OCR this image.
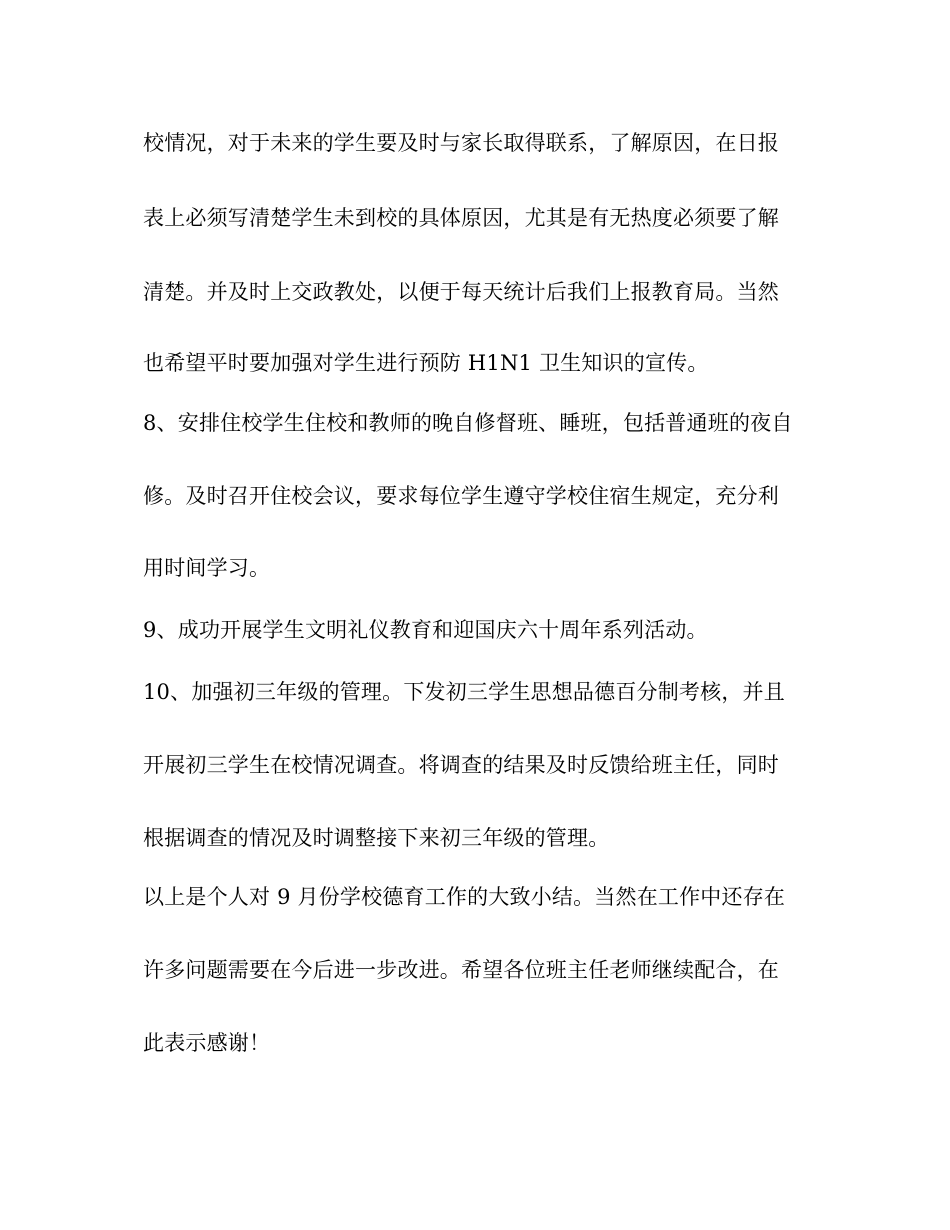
校情况，对于未来的学生要及时与家长取得联系，了解原因，在日报
表上必须写清楚学生未到校的具体原因，尤其是有无热度必须要了解
清楚。并及时上交政教处，以便于每天统计后我们上报教育局。当然
也希望平时要加强对学生进行预防 H1N1 卫生知识的宣传。
8、安排住校学生住校和教师的晚自修督班、睡班，包括普通班的夜自
修。及时召开住校会议，要求每位学生遵守学校住宿生规定，充分利
用时间学习。
9、成功开展学生文明礼仪教育和迎国庆六十周年系列活动。
10、加强初三年级的管理。下发初三学生思想品德百分制考核，并且
开展初三学生在校情况调查。将调查的结果及时反馈给班主任，同时
根据调查的情况及时调整接下来初三年级的管理。
以上是个人对 9 月份学校德育工作的大致小结。当然在工作中还存在
许多问题需要在今后进一步改进。希望各位班主任老师继续配合，在
此表示感谢！
